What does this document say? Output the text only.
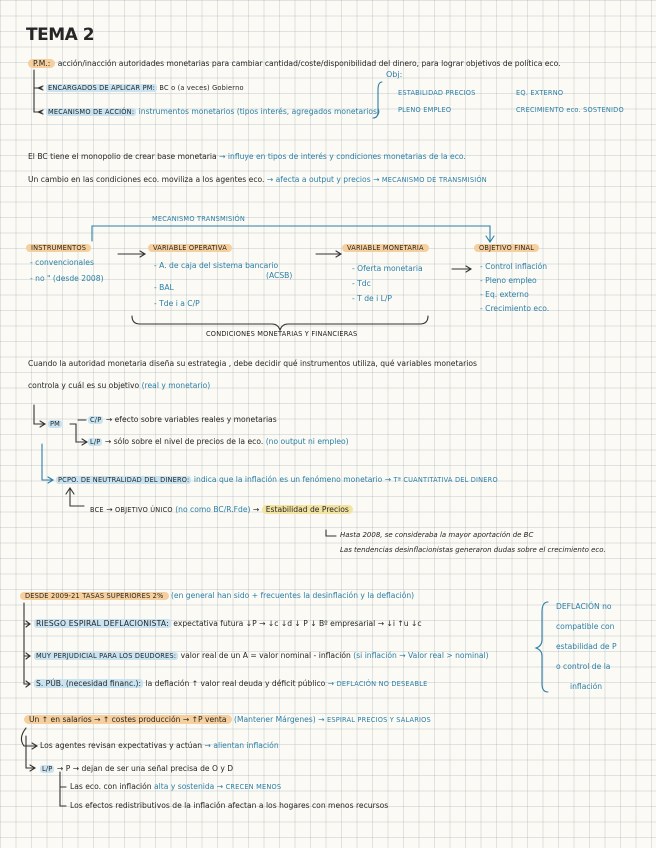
TEMA 2
P.M.: acción/inacción autoridades monetarias para cambiar cantidad/coste/disponibilidad del dinero, para lograr objetivos de política eco.
ENCARGADOS DE APLICAR PM: BC o (a veces) Gobierno
MECANISMO DE ACCIÓN: instrumentos monetarios (tipos interés, agregados monetarios)
Obj:
ESTABILIDAD PRECIOS	EQ. EXTERNO
PLENO EMPLEO	CRECIMIENTO eco. SOSTENIDO
El BC tiene el monopolio de crear base monetaria → influye en tipos de interés y condiciones monetarias de la eco.
Un cambio en las condiciones eco. moviliza a los agentes eco. → afecta a output y precios → MECANISMO DE TRANSMISIÓN
MECANISMO TRANSMISIÓN
INSTRUMENTOS
- convencionales
- no " (desde 2008)
VARIABLE OPERATIVA
- A. de caja del sistema bancario
(ACSB)
- BAL
- Tde i a C/P
VARIABLE MONETARIA
- Oferta monetaria
- Tdc
- T de i L/P
OBJETIVO FINAL
- Control inflación
- Pleno empleo
- Eq. externo
- Crecimiento eco.
CONDICIONES MONETARIAS Y FINANCIERAS
Cuando la autoridad monetaria diseña su estrategia , debe decidir qué instrumentos utiliza, qué variables monetarios
controla y cuál es su objetivo (real y monetario)
PM	C/P → efecto sobre variables reales y monetarias
L/P → sólo sobre el nivel de precios de la eco. (no output ni empleo)
PCPO. DE NEUTRALIDAD DEL DINERO: indica que la inflación es un fenómeno monetario → Tª CUANTITATIVA DEL DINERO
BCE → OBJETIVO ÚNICO (no como BC/R.Fde) → Estabilidad de Precios
Hasta 2008, se consideraba la mayor aportación de BC
Las tendencias desinflacionistas generaron dudas sobre el crecimiento eco.
DESDE 2009-21 TASAS SUPERIORES 2% (en general han sido + frecuentes la desinflación y la deflación)
RIESGO ESPIRAL DEFLACIONISTA: expectativa futura ↓P → ↓c ↓d ↓ P ↓ Bº empresarial → ↓i ↑u ↓c
MUY PERJUDICIAL PARA LOS DEUDORES: valor real de un A = valor nominal - inflación (si inflación → Valor real > nominal)
S. PÚB. (necesidad financ.): la deflación ↑ valor real deuda y déficit público → DEFLACIÓN NO DESEABLE
DEFLACIÓN no
compatible con
estabilidad de P
o control de la
inflación
Un ↑ en salarios → ↑ costes producción → ↑P venta (Mantener Márgenes) → ESPIRAL PRECIOS Y SALARIOS
Los agentes revisan expectativas y actúan → alientan inflación
L/P → P → dejan de ser una señal precisa de O y D
Las eco. con inflación alta y sostenida → CRECEN MENOS
Los efectos redistributivos de la inflación afectan a los hogares con menos recursos
